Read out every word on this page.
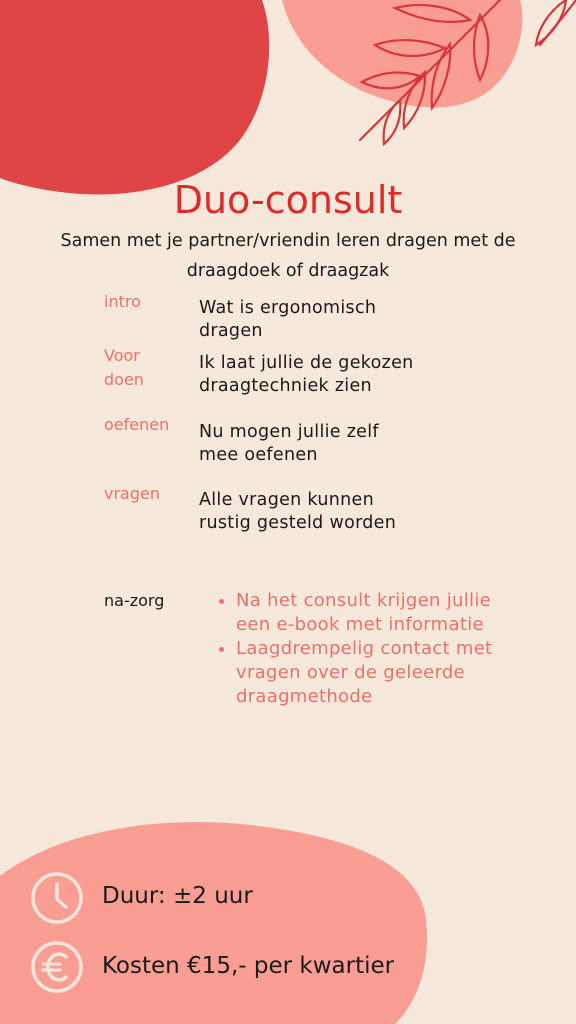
Duo-consult
Samen met je partner/vriendin leren dragen met de draagdoek of draagzak
intro	Wat is ergonomisch dragen
Voor doen
Ik laat jullie de gekozen draagtechniek zien
oefenen Nu mogen jullie zelf mee oefenen
vragen Alle vragen kunnen rustig gesteld worden
na-zorg
•	Na het consult krijgen jullie een e-book met informatie
• Laagdrempelig contact met vragen over de geleerde draagmethode
Duur: ±2 uur
Kosten €15,- per kwartier
